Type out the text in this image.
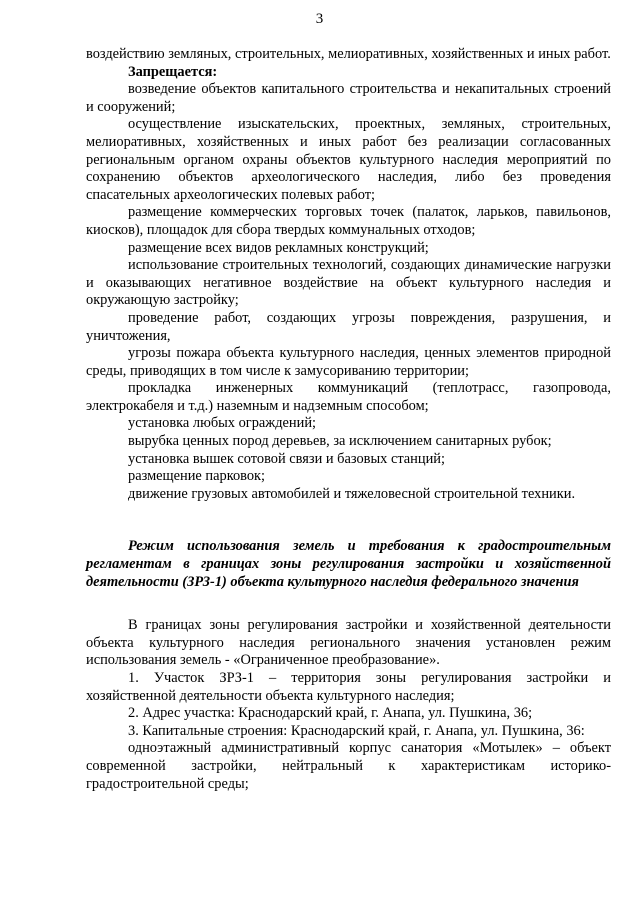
3

воздействию земляных, строительных, мелиоративных, хозяйственных и иных работ.

Запрещается:

возведение объектов капитального строительства и некапитальных строений и сооружений;

осуществление изыскательских, проектных, земляных, строительных, мелиоративных, хозяйственных и иных работ без реализации согласованных региональным органом охраны объектов культурного наследия мероприятий по сохранению объектов археологического наследия, либо без проведения спасательных археологических полевых работ;

размещение коммерческих торговых точек (палаток, ларьков, павильонов, киосков), площадок для сбора твердых коммунальных отходов;

размещение всех видов рекламных конструкций;

использование строительных технологий, создающих динамические нагрузки и оказывающих негативное воздействие на объект культурного наследия и окружающую застройку;

проведение работ, создающих угрозы повреждения, разрушения, и уничтожения,

угрозы пожара объекта культурного наследия, ценных элементов природной среды, приводящих в том числе к замусориванию территории;

прокладка инженерных коммуникаций (теплотрасс, газопровода, электрокабеля и т.д.) наземным и надземным способом;

установка любых ограждений;

вырубка ценных пород деревьев, за исключением санитарных рубок;

установка вышек сотовой связи и базовых станций;

размещение парковок;

движение грузовых автомобилей и тяжеловесной строительной техники.

Режим использования земель и требования к градостроительным регламентам в границах зоны регулирования застройки и хозяйственной деятельности (ЗРЗ-1) объекта культурного наследия федерального значения

В границах зоны регулирования застройки и хозяйственной деятельности объекта культурного наследия регионального значения установлен режим использования земель - «Ограниченное преобразование».

1. Участок ЗРЗ-1 – территория зоны регулирования застройки и хозяйственной деятельности объекта культурного наследия;

2. Адрес участка: Краснодарский край, г. Анапа, ул. Пушкина, 36;

3. Капитальные строения: Краснодарский край, г. Анапа, ул. Пушкина, 36:

одноэтажный административный корпус санатория «Мотылек» – объект современной застройки, нейтральный к характеристикам историко-градостроительной среды;
